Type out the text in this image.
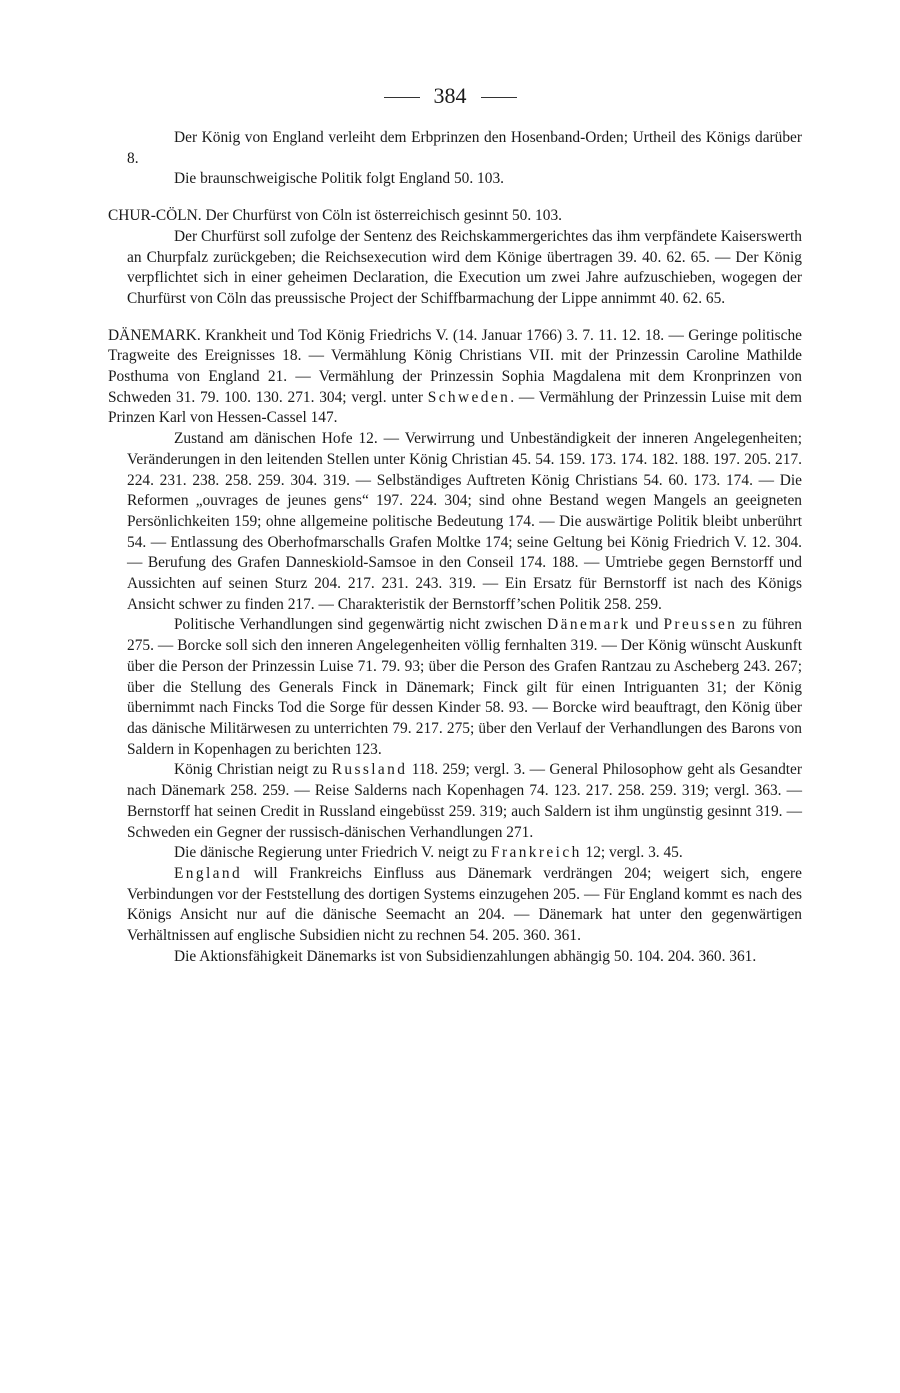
384

Der König von England verleiht dem Erbprinzen den Hosenband-Orden; Urtheil des Königs darüber 8.

Die braunschweigische Politik folgt England 50. 103.

CHUR-CÖLN. Der Churfürst von Cöln ist österreichisch gesinnt 50. 103.

Der Churfürst soll zufolge der Sentenz des Reichskammergerichtes das ihm verpfändete Kaiserswerth an Churpfalz zurückgeben; die Reichsexecution wird dem Könige übertragen 39. 40. 62. 65. — Der König verpflichtet sich in einer geheimen Declaration, die Execution um zwei Jahre aufzuschieben, wogegen der Churfürst von Cöln das preussische Project der Schiffbarmachung der Lippe annimmt 40. 62. 65.

DÄNEMARK. Krankheit und Tod König Friedrichs V. (14. Januar 1766) 3. 7. 11. 12. 18. — Geringe politische Tragweite des Ereignisses 18. — Vermählung König Christians VII. mit der Prinzessin Caroline Mathilde Posthuma von England 21. — Vermählung der Prinzessin Sophia Magdalena mit dem Kronprinzen von Schweden 31. 79. 100. 130. 271. 304; vergl. unter Schweden. — Vermählung der Prinzessin Luise mit dem Prinzen Karl von Hessen-Cassel 147.

Zustand am dänischen Hofe 12. — Verwirrung und Unbeständigkeit der inneren Angelegenheiten; Veränderungen in den leitenden Stellen unter König Christian 45. 54. 159. 173. 174. 182. 188. 197. 205. 217. 224. 231. 238. 258. 259. 304. 319. — Selbständiges Auftreten König Christians 54. 60. 173. 174. — Die Reformen „ouvrages de jeunes gens“ 197. 224. 304; sind ohne Bestand wegen Mangels an geeigneten Persönlichkeiten 159; ohne allgemeine politische Bedeutung 174. — Die auswärtige Politik bleibt unberührt 54. — Entlassung des Oberhofmarschalls Grafen Moltke 174; seine Geltung bei König Friedrich V. 12. 304. — Berufung des Grafen Danneskiold-Samsoe in den Conseil 174. 188. — Umtriebe gegen Bernstorff und Aussichten auf seinen Sturz 204. 217. 231. 243. 319. — Ein Ersatz für Bernstorff ist nach des Königs Ansicht schwer zu finden 217. — Charakteristik der Bernstorff’schen Politik 258. 259.

Politische Verhandlungen sind gegenwärtig nicht zwischen Dänemark und Preussen zu führen 275. — Borcke soll sich den inneren Angelegenheiten völlig fernhalten 319. — Der König wünscht Auskunft über die Person der Prinzessin Luise 71. 79. 93; über die Person des Grafen Rantzau zu Ascheberg 243. 267; über die Stellung des Generals Finck in Dänemark; Finck gilt für einen Intriguanten 31; der König übernimmt nach Fincks Tod die Sorge für dessen Kinder 58. 93. — Borcke wird beauftragt, den König über das dänische Militärwesen zu unterrichten 79. 217. 275; über den Verlauf der Verhandlungen des Barons von Saldern in Kopenhagen zu berichten 123.

König Christian neigt zu Russland 118. 259; vergl. 3. — General Philosophow geht als Gesandter nach Dänemark 258. 259. — Reise Salderns nach Kopenhagen 74. 123. 217. 258. 259. 319; vergl. 363. — Bernstorff hat seinen Credit in Russland eingebüsst 259. 319; auch Saldern ist ihm ungünstig gesinnt 319. — Schweden ein Gegner der russisch-dänischen Verhandlungen 271.

Die dänische Regierung unter Friedrich V. neigt zu Frankreich 12; vergl. 3. 45.

England will Frankreichs Einfluss aus Dänemark verdrängen 204; weigert sich, engere Verbindungen vor der Feststellung des dortigen Systems einzugehen 205. — Für England kommt es nach des Königs Ansicht nur auf die dänische Seemacht an 204. — Dänemark hat unter den gegenwärtigen Verhältnissen auf englische Subsidien nicht zu rechnen 54. 205. 360. 361.

Die Aktionsfähigkeit Dänemarks ist von Subsidienzahlungen abhängig 50. 104. 204. 360. 361.
